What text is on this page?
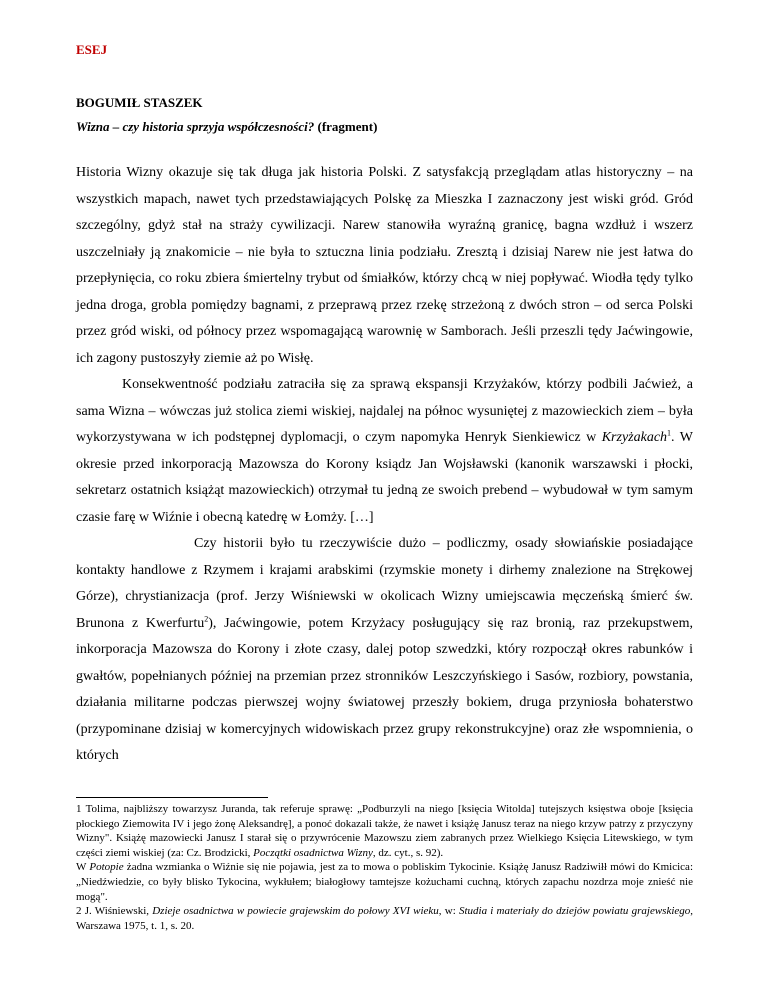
ESEJ
BOGUMIŁ STASZEK
Wizna – czy historia sprzyja współczesności? (fragment)

Historia Wizny okazuje się tak długa jak historia Polski. Z satysfakcją przeglądam atlas historyczny – na wszystkich mapach, nawet tych przedstawiających Polskę za Mieszka I zaznaczony jest wiski gród. Gród szczególny, gdyż stał na straży cywilizacji. Narew stanowiła wyraźną granicę, bagna wzdłuż i wszerz uszczelniały ją znakomicie – nie była to sztuczna linia podziału. Zresztą i dzisiaj Narew nie jest łatwa do przepłynięcia, co roku zbiera śmiertelny trybut od śmiałków, którzy chcą w niej popływać. Wiodła tędy tylko jedna droga, grobla pomiędzy bagnami, z przeprawą przez rzekę strzeżoną z dwóch stron – od serca Polski przez gród wiski, od północy przez wspomagającą warownię w Samborach. Jeśli przeszli tędy Jaćwingowie, ich zagony pustoszyły ziemie aż po Wisłę.

Konsekwentność podziału zatraciła się za sprawą ekspansji Krzyżaków, którzy podbili Jaćwież, a sama Wizna – wówczas już stolica ziemi wiskiej, najdalej na północ wysuniętej z mazowieckich ziem – była wykorzystywana w ich podstępnej dyplomacji, o czym napomyka Henryk Sienkiewicz w Krzyżakach$^1$. W okresie przed inkorporacją Mazowsza do Korony ksiądz Jan Wojsławski (kanonik warszawski i płocki, sekretarz ostatnich książąt mazowieckich) otrzymał tu jedną ze swoich prebend – wybudował w tym samym czasie farę w Wiźnie i obecną katedrę w Łomży. […]

Czy historii było tu rzeczywiście dużo – podliczmy, osady słowiańskie posiadające kontakty handlowe z Rzymem i krajami arabskimi (rzymskie monety i dirhemy znalezione na Strękowej Górze), chrystianizacja (prof. Jerzy Wiśniewski w okolicach Wizny umiejscawia męczeńską śmierć św. Brunona z Kwerfurtu$^2$), Jaćwingowie, potem Krzyżacy posługujący się raz bronią, raz przekupstwem, inkorporacja Mazowsza do Korony i złote czasy, dalej potop szwedzki, który rozpoczął okres rabunków i gwałtów, popełnianych później na przemian przez stronników Leszczyńskiego i Sasów, rozbiory, powstania, działania militarne podczas pierwszej wojny światowej przeszły bokiem, druga przyniosła bohaterstwo (przypominane dzisiaj w komercyjnych widowiskach przez grupy rekonstrukcyjne) oraz złe wspomnienia, o których

1 Tolima, najbliższy towarzysz Juranda, tak referuje sprawę: „Podburzyli na niego [księcia Witolda] tutejszych księstwa oboje [księcia płockiego Ziemowita IV i jego żonę Aleksandrę], a ponoć dokazali także, że nawet i książę Janusz teraz na niego krzyw patrzy z przyczyny Wizny". Książę mazowiecki Janusz I starał się o przywrócenie Mazowszu ziem zabranych przez Wielkiego Księcia Litewskiego, w tym części ziemi wiskiej (za: Cz. Brodzicki, Początki osadnictwa Wizny, dz. cyt., s. 92).

W Potopie żadna wzmianka o Wiźnie się nie pojawia, jest za to mowa o pobliskim Tykocinie. Książę Janusz Radziwiłł mówi do Kmicica: „Niedźwiedzie, co były blisko Tykocina, wykłułem; białogłowy tamtejsze kożuchami cuchną, których zapachu nozdrza moje znieść nie mogą".

2 J. Wiśniewski, Dzieje osadnictwa w powiecie grajewskim do połowy XVI wieku, w: Studia i materiały do dziejów powiatu grajewskiego, Warszawa 1975, t. 1, s. 20.
